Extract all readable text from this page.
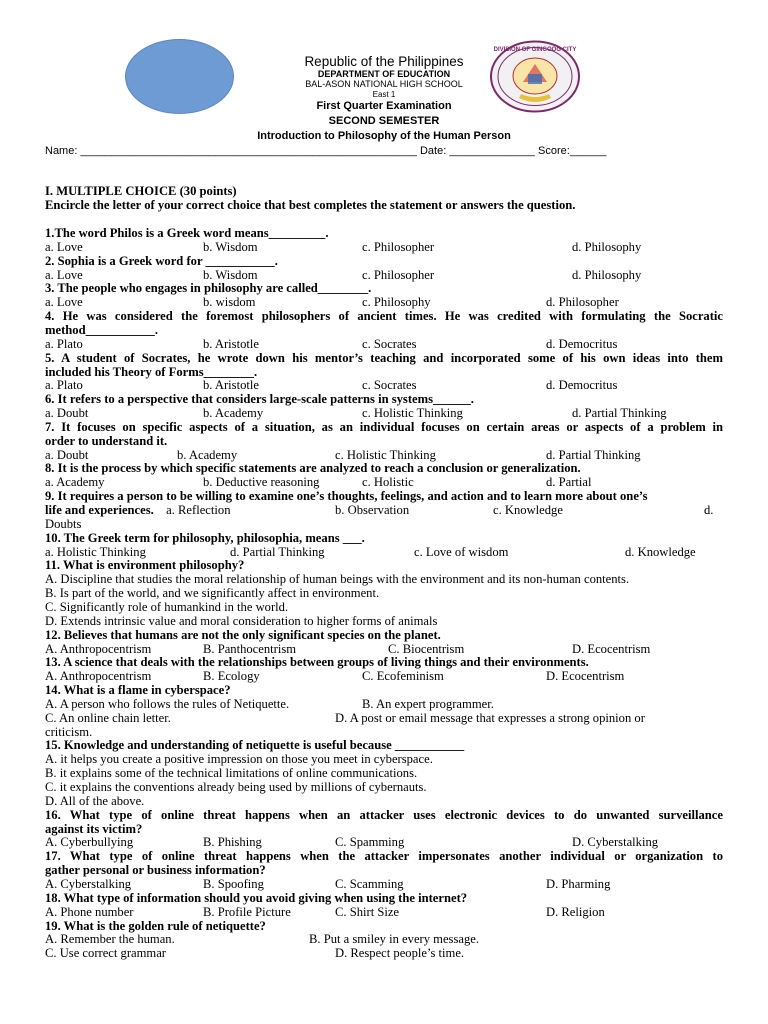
DIVISION OF GINGOOG CITY
Republic of the Philippines
DEPARTMENT OF EDUCATION
BAL-ASON NATIONAL HIGH SCHOOL
East 1
First Quarter Examination
SECOND SEMESTER
Introduction to Philosophy of the Human Person
Name: _______________________________________________________ Date: ______________ Score:______
I. MULTIPLE CHOICE (30 points)
Encircle the letter of your correct choice that best completes the statement or answers the question.
1.The word Philos is a Greek word means_________.
a. Love	b. Wisdom	c. Philosopher	d. Philosophy
2. Sophia is a Greek word for ___________.
a. Love	b. Wisdom	c. Philosopher	d. Philosophy
3. The people who engages in philosophy are called________.
a. Love	b. wisdom	c. Philosophy	d. Philosopher
4. He was considered the foremost philosophers of ancient times. He was credited with formulating the Socratic
method___________.
a. Plato	b. Aristotle	c. Socrates	d. Democritus
5. A student of Socrates, he wrote down his mentor’s teaching and incorporated some of his own ideas into them
included his Theory of Forms________.
a. Plato	b. Aristotle	c. Socrates	d. Democritus
6. It refers to a perspective that considers large-scale patterns in systems______.
a. Doubt	b. Academy	c. Holistic Thinking	d. Partial Thinking
7. It focuses on specific aspects of a situation, as an individual focuses on certain areas or aspects of a problem in
order to understand it.
a. Doubt	b. Academy	c. Holistic Thinking	d. Partial Thinking
8. It is the process by which specific statements are analyzed to reach a conclusion or generalization.
a. Academy	b. Deductive reasoning	c. Holistic	d. Partial
9. It requires a person to be willing to examine one’s thoughts, feelings, and action and to learn more about one’s
life and experiences. a. Reflection	b. Observation	c. Knowledge	d.
Doubts
10. The Greek term for philosophy, philosophia, means ___.
a. Holistic Thinking	d. Partial Thinking	c. Love of wisdom	d. Knowledge
11. What is environment philosophy?
A. Discipline that studies the moral relationship of human beings with the environment and its non-human contents.
B. Is part of the world, and we significantly affect in environment.
C. Significantly role of humankind in the world.
D. Extends intrinsic value and moral consideration to higher forms of animals
12. Believes that humans are not the only significant species on the planet.
A. Anthropocentrism	B. Panthocentrism	C. Biocentrism	D. Ecocentrism
13. A science that deals with the relationships between groups of living things and their environments.
A. Anthropocentrism	B. Ecology	C. Ecofeminism	D. Ecocentrism
14. What is a flame in cyberspace?
A. A person who follows the rules of Netiquette.	B. An expert programmer.
C. An online chain letter.	D. A post or email message that expresses a strong opinion or
criticism.
15. Knowledge and understanding of netiquette is useful because ___________
A. it helps you create a positive impression on those you meet in cyberspace.
B. it explains some of the technical limitations of online communications.
C. it explains the conventions already being used by millions of cybernauts.
D. All of the above.
16. What type of online threat happens when an attacker uses electronic devices to do unwanted surveillance
against its victim?
A. Cyberbullying	B. Phishing	C. Spamming	D. Cyberstalking
17. What type of online threat happens when the attacker impersonates another individual or organization to
gather personal or business information?
A. Cyberstalking	B. Spoofing	C. Scamming	D. Pharming
18. What type of information should you avoid giving when using the internet?
A. Phone number	B. Profile Picture	C. Shirt Size	D. Religion
19. What is the golden rule of netiquette?
A. Remember the human.	B. Put a smiley in every message.
C. Use correct grammar	D. Respect people’s time.
